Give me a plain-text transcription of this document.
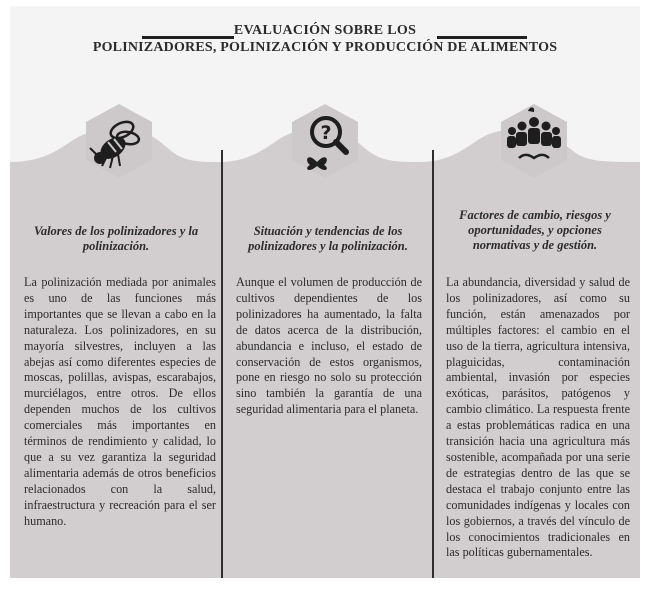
EVALUACIÓN SOBRE LOS
POLINIZADORES, POLINIZACIÓN Y PRODUCCIÓN DE ALIMENTOS
?
Valores de los polinizadores y la polinización.
La polinización mediada por animales es uno de las funciones más importantes que se llevan a cabo en la naturaleza. Los polinizadores, en su mayoría silvestres, incluyen a las abejas así como diferentes especies de moscas, polillas, avispas, escarabajos, murciélagos, entre otros. De ellos dependen muchos de los cultivos comerciales más importantes en términos de rendimiento y calidad, lo que a su vez garantiza la seguridad alimentaria además de otros beneficios relacionados con la salud, infraestructura y recreación para el ser humano.
Situación y tendencias de los polinizadores y la polinización.
Aunque el volumen de producción de cultivos dependientes de los polinizadores ha aumentado, la falta de datos acerca de la distribución, abundancia e incluso, el estado de conservación de estos organismos, pone en riesgo no solo su protección sino también la garantía de una seguridad alimentaria para el planeta.
Factores de cambio, riesgos y oportunidades, y opciones normativas y de gestión.
La abundancia, diversidad y salud de los polinizadores, así como su función, están amenazados por múltiples factores: el cambio en el uso de la tierra, agricultura intensiva, plaguicidas, contaminación ambiental, invasión por especies exóticas, parásitos, patógenos y cambio climático. La respuesta frente a estas problemáticas radica en una transición hacia una agricultura más sostenible, acompañada por una serie de estrategias dentro de las que se destaca el trabajo conjunto entre las comunidades indígenas y locales con los gobiernos, a través del vínculo de los conocimientos tradicionales en las políticas gubernamentales.
